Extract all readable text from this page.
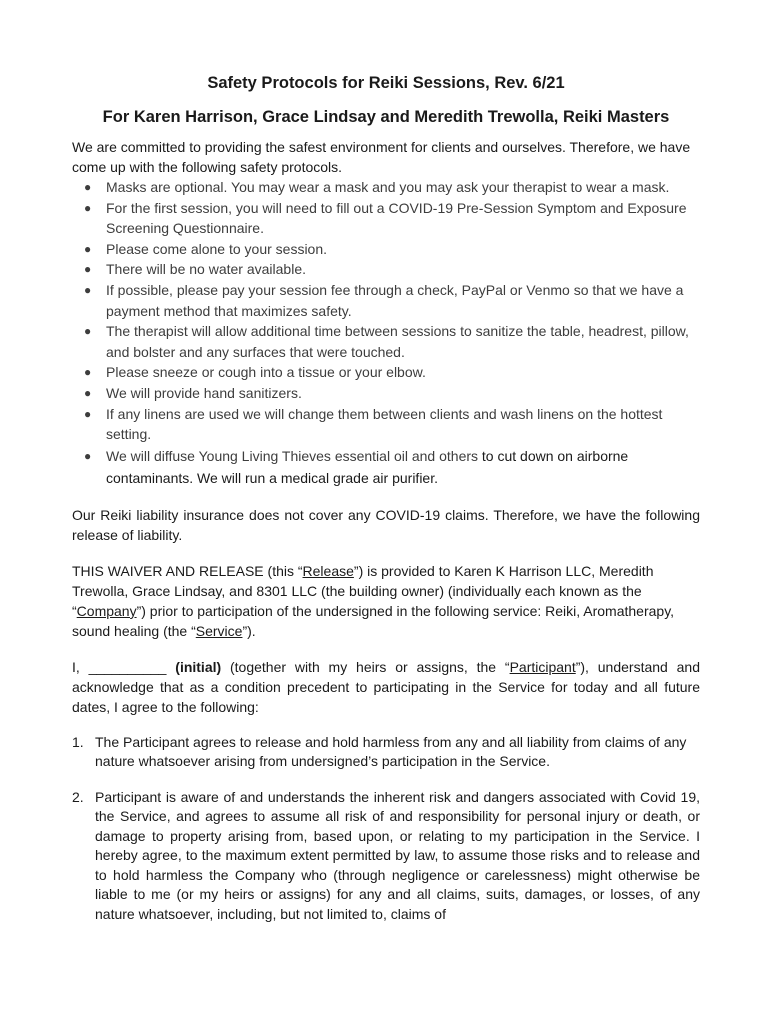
Safety Protocols for Reiki Sessions, Rev. 6/21
For Karen Harrison, Grace Lindsay and Meredith Trewolla, Reiki Masters

We are committed to providing the safest environment for clients and ourselves. Therefore, we have come up with the following safety protocols.

● Masks are optional. You may wear a mask and you may ask your therapist to wear a mask.
● For the first session, you will need to fill out a COVID-19 Pre-Session Symptom and Exposure Screening Questionnaire.
● Please come alone to your session.
● There will be no water available.
● If possible, please pay your session fee through a check, PayPal or Venmo so that we have a payment method that maximizes safety.
● The therapist will allow additional time between sessions to sanitize the table, headrest, pillow, and bolster and any surfaces that were touched.
● Please sneeze or cough into a tissue or your elbow.
● We will provide hand sanitizers.
● If any linens are used we will change them between clients and wash linens on the hottest setting.
● We will diffuse Young Living Thieves essential oil and others to cut down on airborne contaminants. We will run a medical grade air purifier.

Our Reiki liability insurance does not cover any COVID-19 claims. Therefore, we have the following release of liability.

THIS WAIVER AND RELEASE (this “Release”) is provided to Karen K Harrison LLC, Meredith Trewolla, Grace Lindsay, and 8301 LLC (the building owner) (individually each known as the “Company”) prior to participation of the undersigned in the following service: Reiki, Aromatherapy, sound healing (the “Service”).

I, __________ (initial) (together with my heirs or assigns, the “Participant”), understand and acknowledge that as a condition precedent to participating in the Service for today and all future dates, I agree to the following:

1. The Participant agrees to release and hold harmless from any and all liability from claims of any nature whatsoever arising from undersigned’s participation in the Service.
2. Participant is aware of and understands the inherent risk and dangers associated with Covid 19, the Service, and agrees to assume all risk of and responsibility for personal injury or death, or damage to property arising from, based upon, or relating to my participation in the Service. I hereby agree, to the maximum extent permitted by law, to assume those risks and to release and to hold harmless the Company who (through negligence or carelessness) might otherwise be liable to me (or my heirs or assigns) for any and all claims, suits, damages, or losses, of any nature whatsoever, including, but not limited to, claims of
